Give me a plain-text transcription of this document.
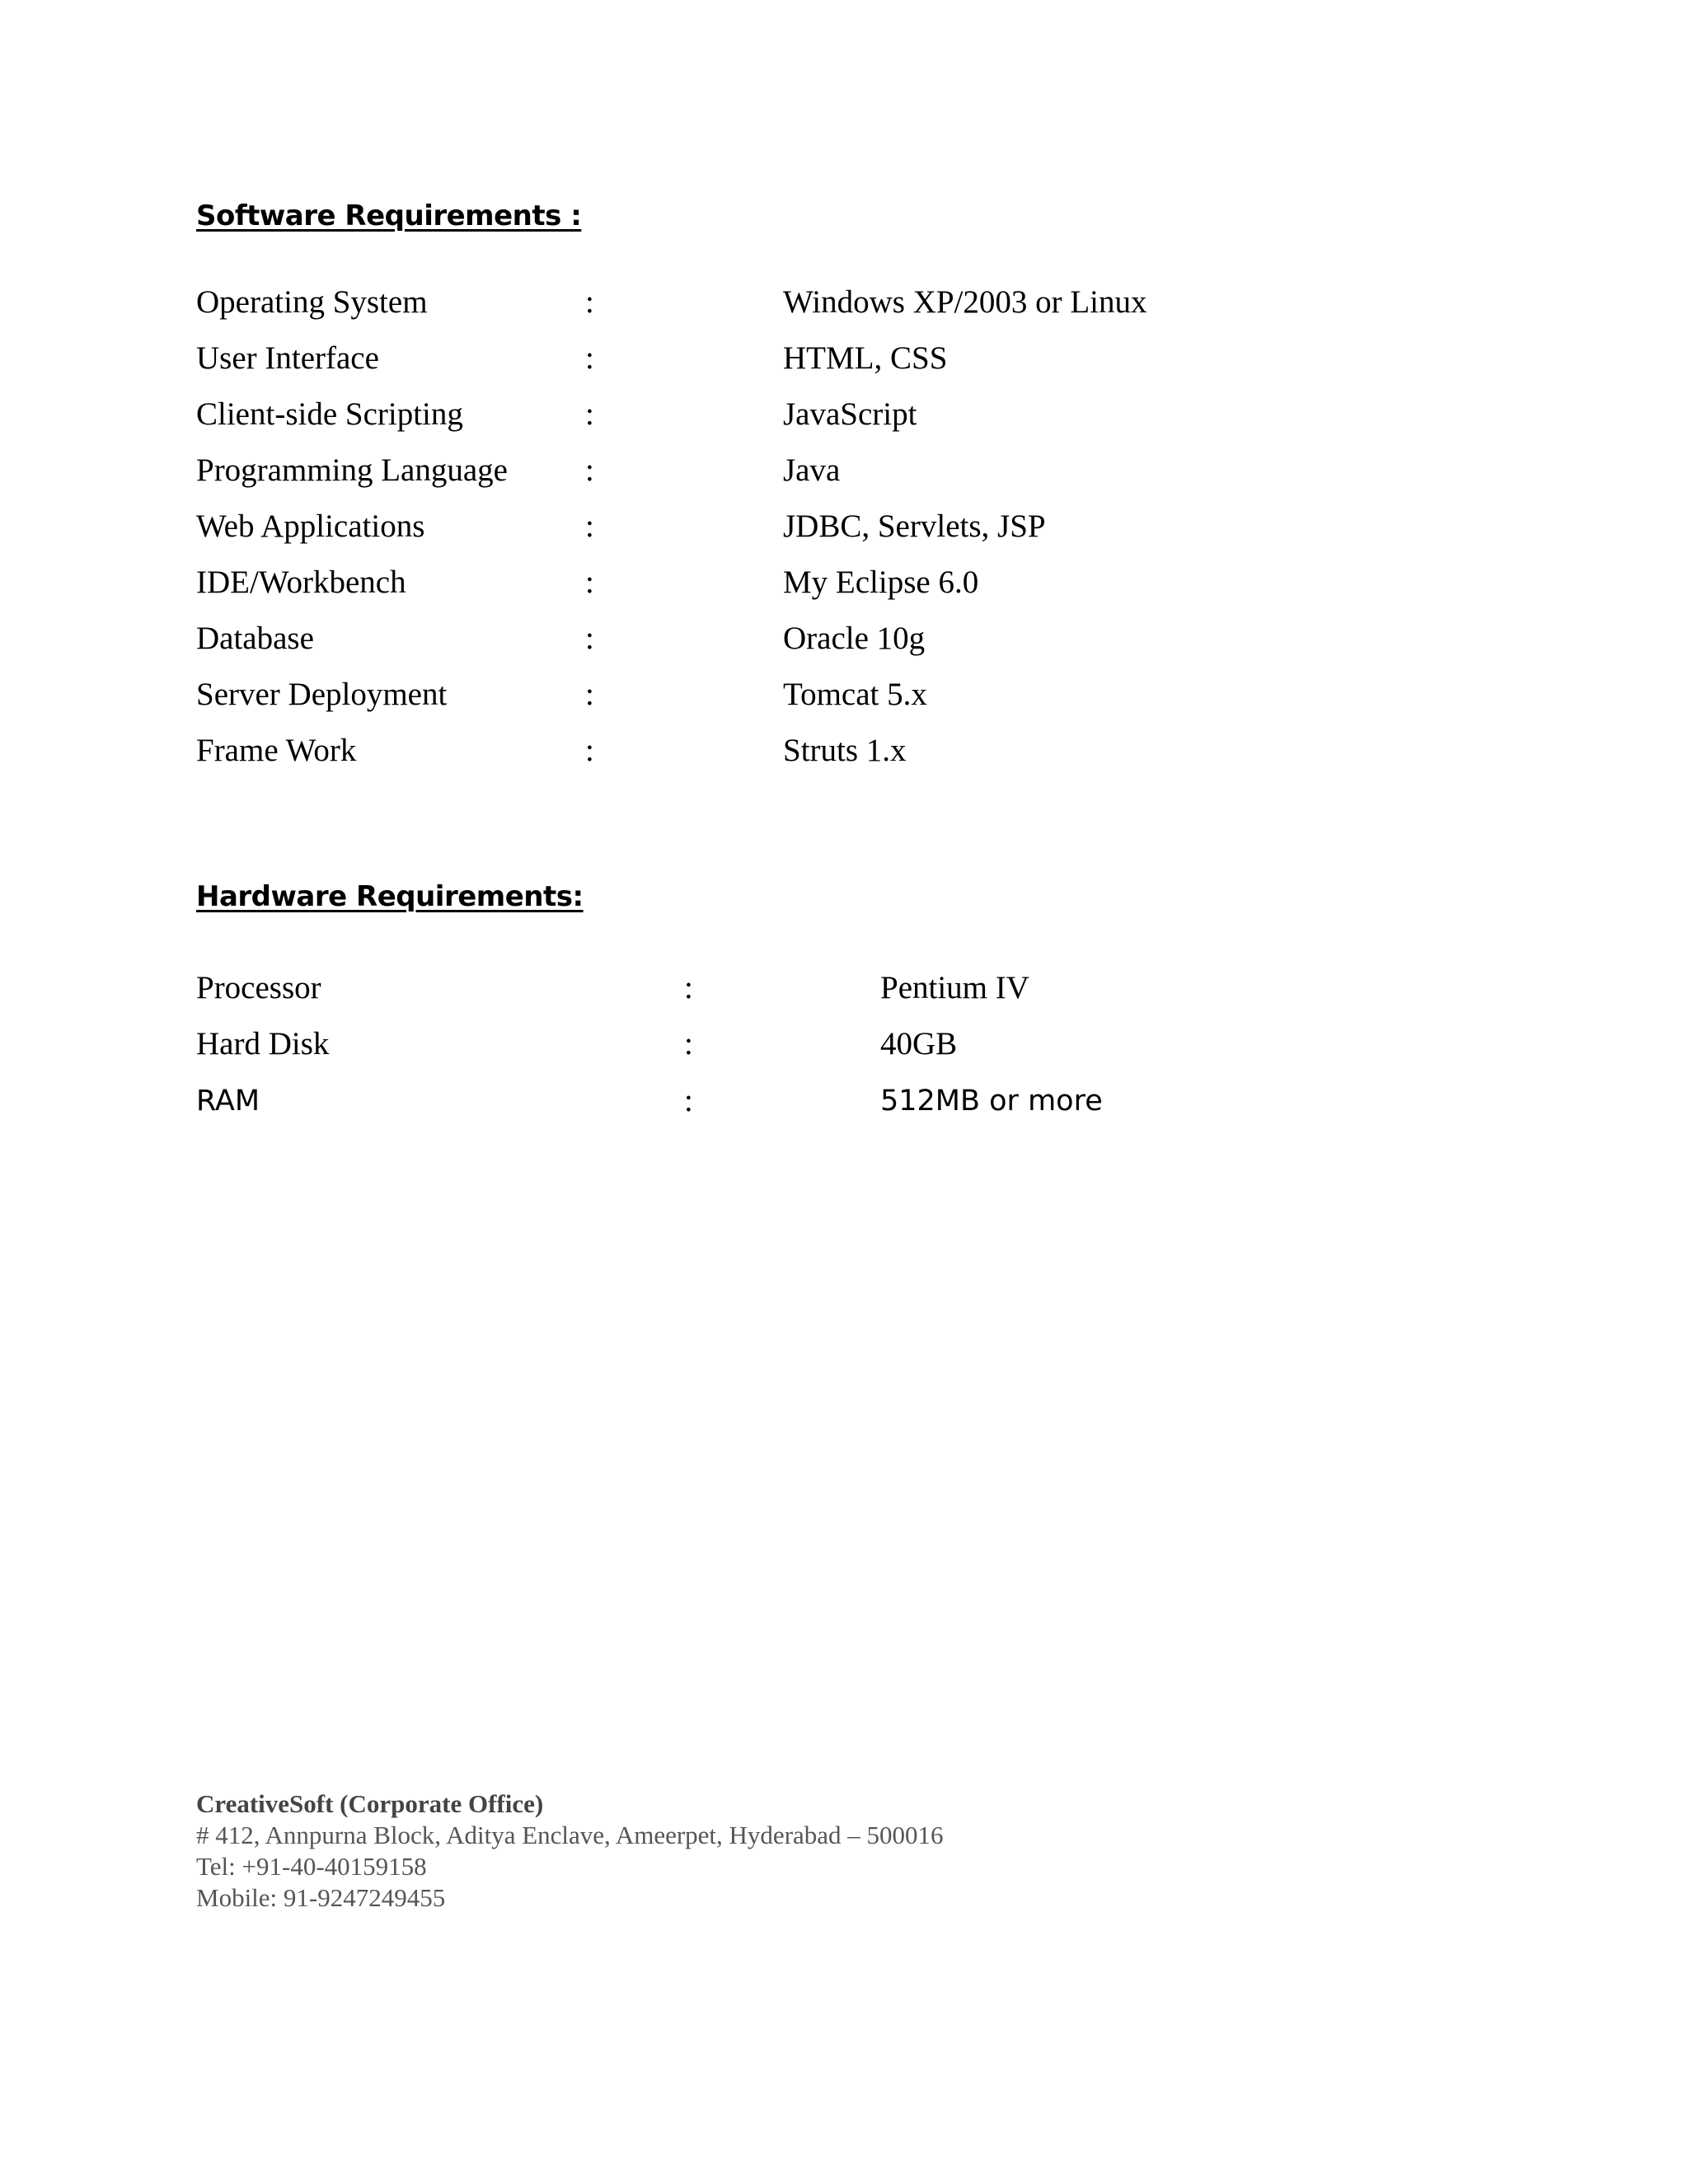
Software Requirements :
Operating System	:	Windows XP/2003 or Linux
User Interface	:	HTML, CSS
Client-side Scripting	:	JavaScript
Programming Language :	Java
Web Applications	:	JDBC, Servlets, JSP
IDE/Workbench	:	My Eclipse 6.0
Database	:	Oracle 10g
Server Deployment	:	Tomcat 5.x
Frame Work	:	Struts 1.x
Hardware Requirements:
Processor	:	Pentium IV
Hard Disk	:	40GB
RAM	:	512MB or more
CreativeSoft (Corporate Office)
# 412, Annpurna Block, Aditya Enclave, Ameerpet, Hyderabad – 500016
Tel: +91-40-40159158
Mobile: 91-9247249455
